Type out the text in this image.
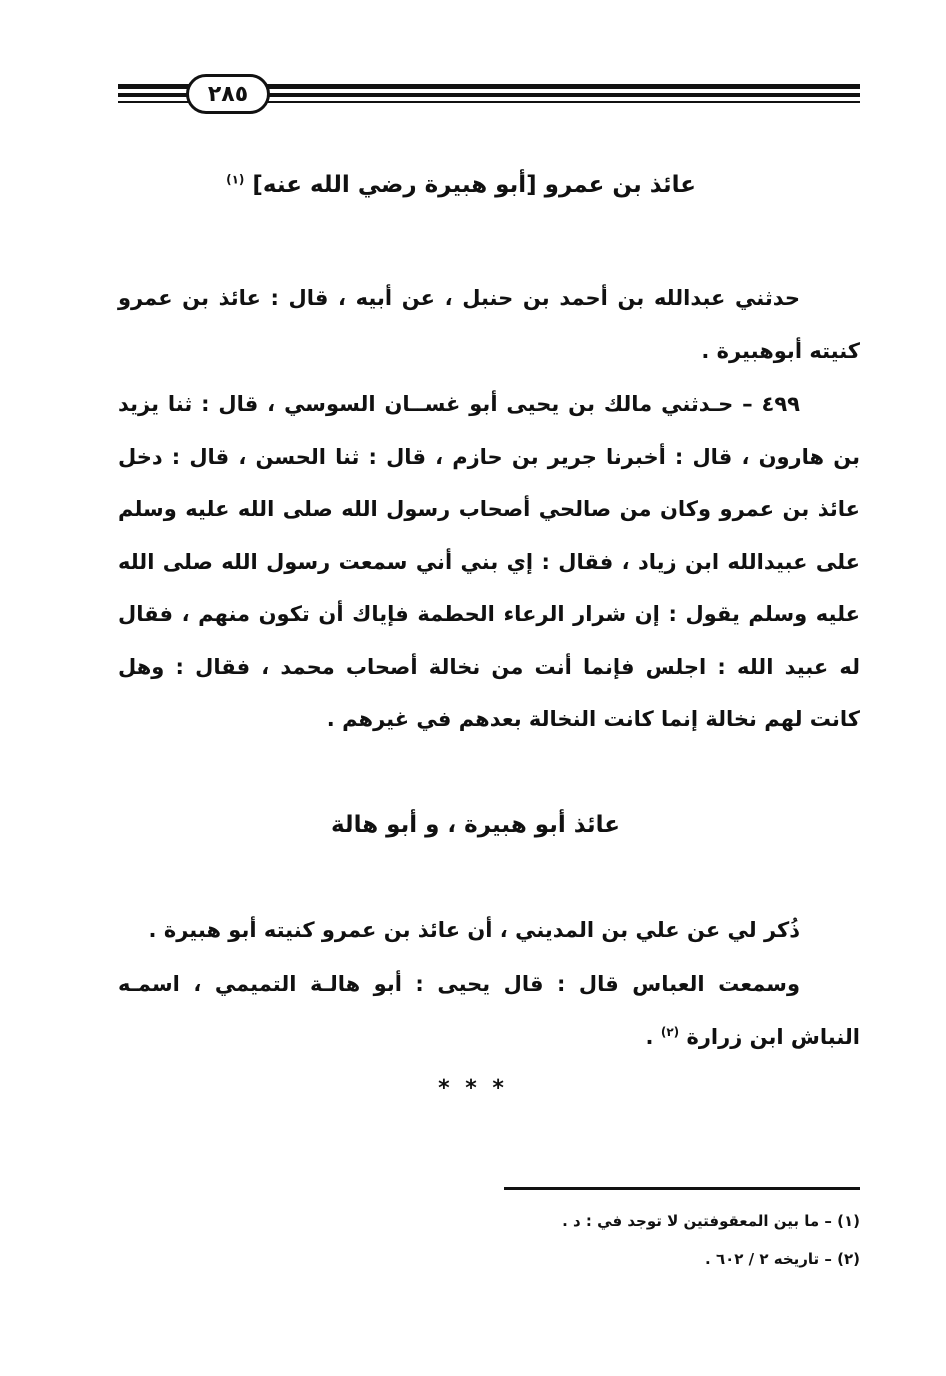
٢٨٥
عائذ بن عمرو [أبو هبيرة رضي الله عنه] $^{(١)}$
حدثني عبدالله بن أحمد بن حنبل ، عن أبيه ، قال : عائذ بن عمرو كنيته أبوهبيرة .
٤٩٩ – حـدثني مالك بن يحيى أبو غســان السوسي ، قال : ثنا يزيد بن هارون ، قال : أخبرنا جرير بن حازم ، قال : ثنا الحسن ، قال : دخل عائذ بن عمرو وكان من صالحي أصحاب رسول الله صلى الله عليه وسلم على عبيدالله ابن زياد ، فقال : إي بني أني سمعت رسول الله صلى الله عليه وسلم يقول : إن شرار الرعاء الحطمة فإياك أن تكون منهم ، فقال له عبيد الله : اجلس فإنما أنت من نخالة أصحاب محمد ، فقال : وهل كانت لهم نخالة إنما كانت النخالة بعدهم في غيرهم .
عائذ أبو هبيرة ، و أبو هالة
ذُكر لي عن علي بن المديني ، أن عائذ بن عمرو كنيته أبو هبيرة .
وسمعت العباس قال : قال يحيى : أبو هالـة التميمي ، اسمـه النباش ابن زرارة $^{(٢)}$ .
* * *
(١) – ما بين المعقوفتين لا توجد في : د .
(٢) – تاريخه ٢ / ٦٠٢ .
